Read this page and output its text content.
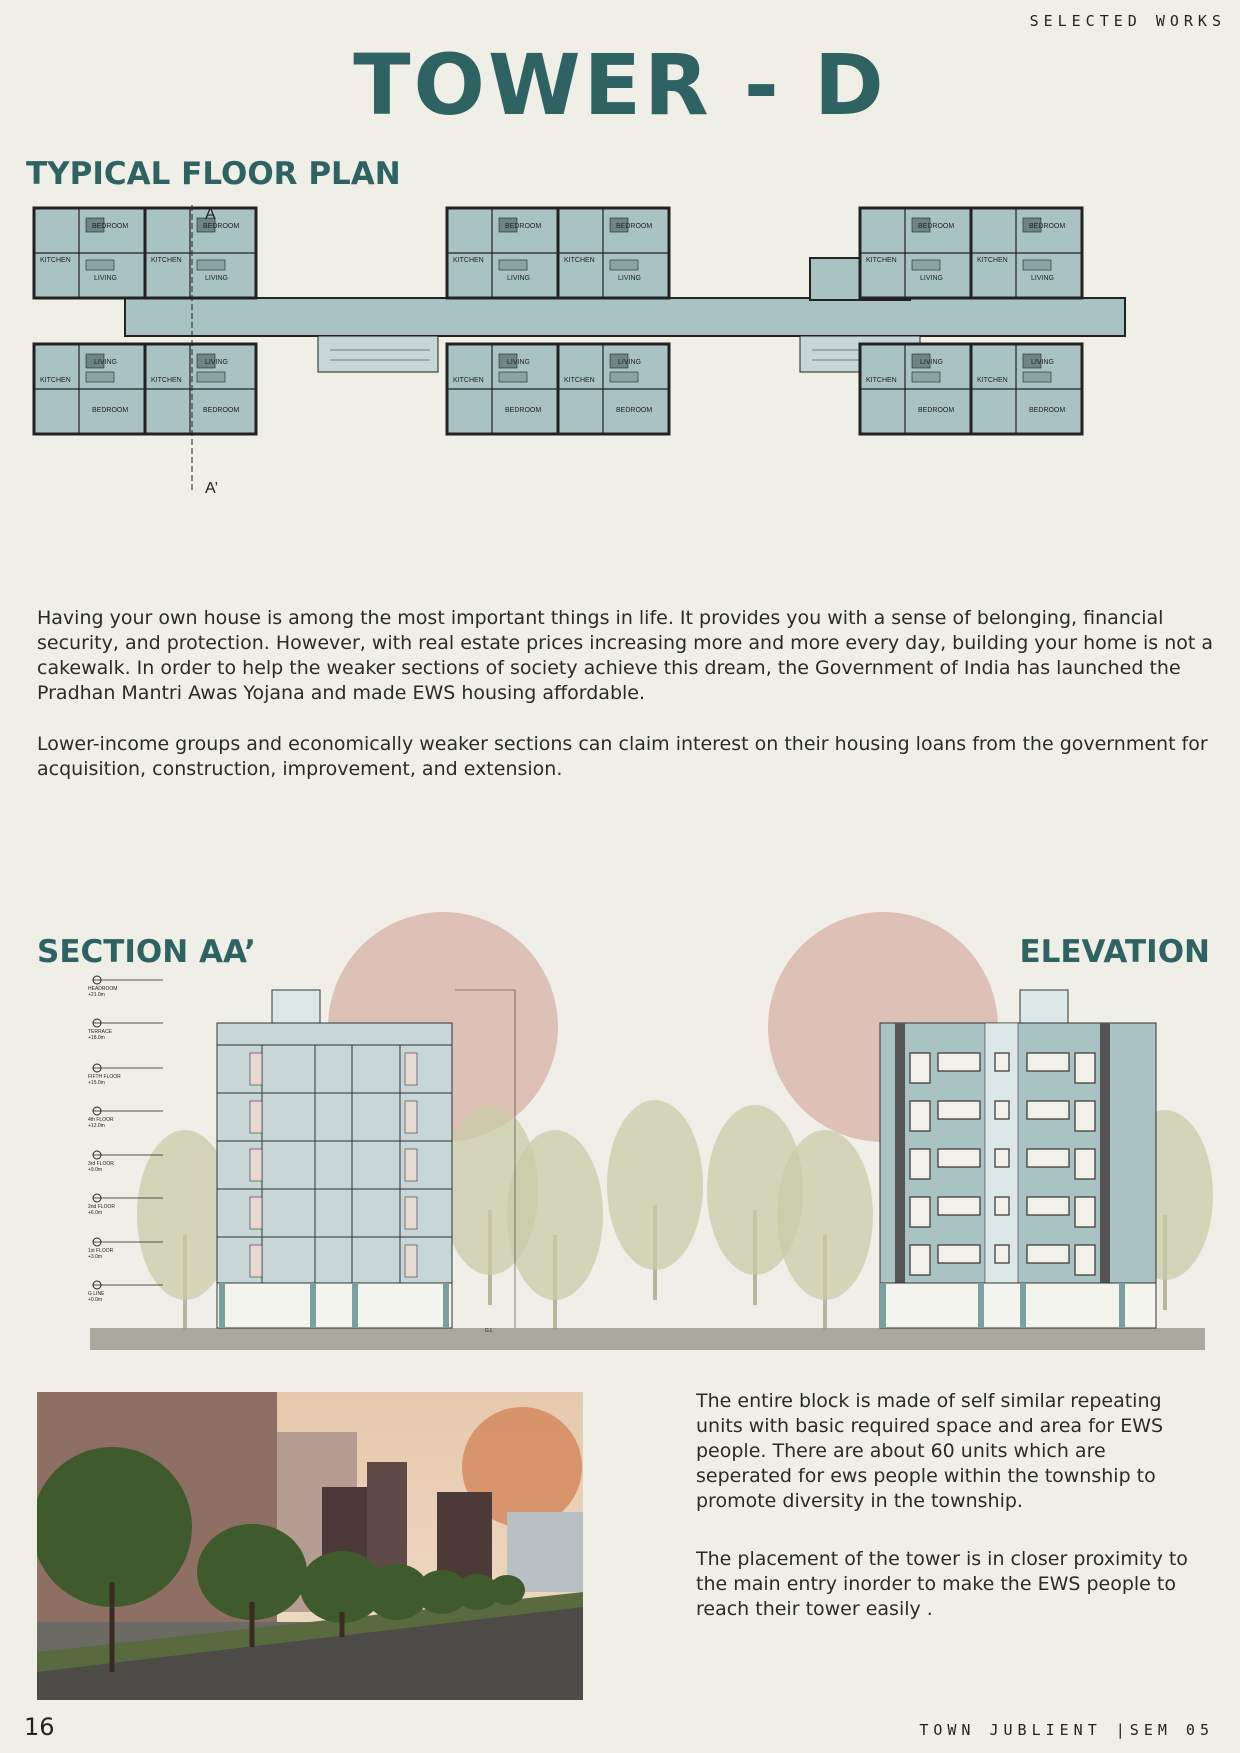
SELECTED WORKS
TOWER - D
TYPICAL FLOOR PLAN
BEDROOM
LIVING
KITCHEN
BEDROOM
LIVING
KITCHEN
BEDROOM
LIVING
KITCHEN
BEDROOM
LIVING
KITCHEN
BEDROOM
LIVING
KITCHEN
BEDROOM
LIVING
KITCHEN
BEDROOM
LIVING
KITCHEN
BEDROOM
LIVING
KITCHEN
BEDROOM
LIVING
KITCHEN
BEDROOM
LIVING
KITCHEN
BEDROOM
LIVING
KITCHEN
BEDROOM
LIVING
KITCHEN
A
A’
Having your own house is among the most important things in life. It provides you with a sense of belonging, financial security, and protection. However, with real estate prices increasing more and more every day, building your home is not a cakewalk. In order to help the weaker sections of society achieve this dream, the Government of India has launched the Pradhan Mantri Awas Yojana and made EWS housing affordable.
Lower-income groups and economically weaker sections can claim interest on their housing loans from the government for acquisition, construction, improvement, and extension.
G.L
HEADROOM
+21.0m
TERRACE
+18.0m
FIFTH FLOOR
+15.0m
4th FLOOR
+12.0m
3rd FLOOR
+9.0m
2nd FLOOR
+6.0m
1st FLOOR
+3.0m
G LINE
+0.0m
SECTION AA’	ELEVATION
The entire block is made of self similar repeating units with basic required space and area for EWS people. There are about 60 units which are seperated for ews people within the township to promote diversity in the township.
The placement of the tower is in closer proximity to the main entry inorder to make the EWS people to reach their tower easily .
16	TOWN JUBLIENT |SEM 05
